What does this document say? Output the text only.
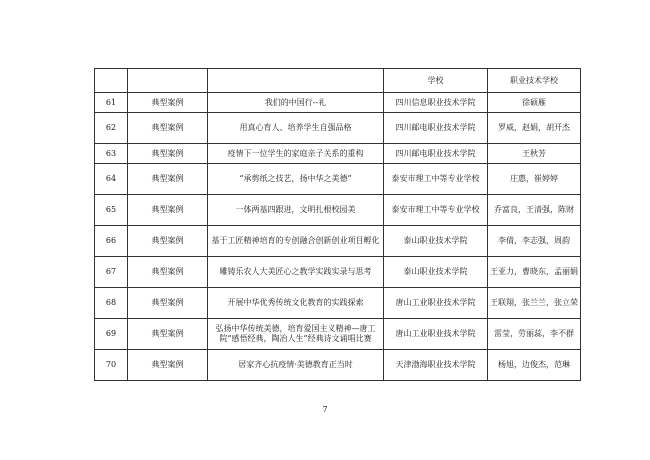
			学校	职业技术学校
61	典型案例	我们的中国行--礼	四川信息职业技术学院	徐硕雁
62	典型案例	用真心育人、培养学生自强品格	四川邮电职业技术学院	罗威，赵娟，胡开杰
63	典型案例	疫情下一位学生的家庭亲子关系的重构	四川邮电职业技术学院	王秋芳
64	典型案例	“承剪纸之技艺，扬中华之美德”	泰安市理工中等专业学校	庄惠，崔婷婷
65	典型案例	一体两基四跟进，文明扎根校园美	泰安市理工中等专业学校	乔富良，王清强，陈财
66	典型案例	基于工匠精神培育的专创融合创新创业项目孵化	泰山职业技术学院	李倩，李志强，周韵
67	典型案例	雕铸乐农人大美匠心之教学实践实录与思考	泰山职业技术学院	王亚力，曹晓东，孟丽娟
68	典型案例	开展中华优秀传统文化教育的实践探索	唐山工业职业技术学院	王联翔，张兰兰，张立荣
69	典型案例	弘扬中华传统美德，培育爱国主义精神—唐工院“感悟经典，陶冶人生”经典诗文诵唱比赛	唐山工业职业技术学院	雷莹，劳丽蕊，李不群
70	典型案例	居家齐心抗疫情·美德教育正当时	天津渤海职业技术学院	杨旭，边俊杰，范琳
7
